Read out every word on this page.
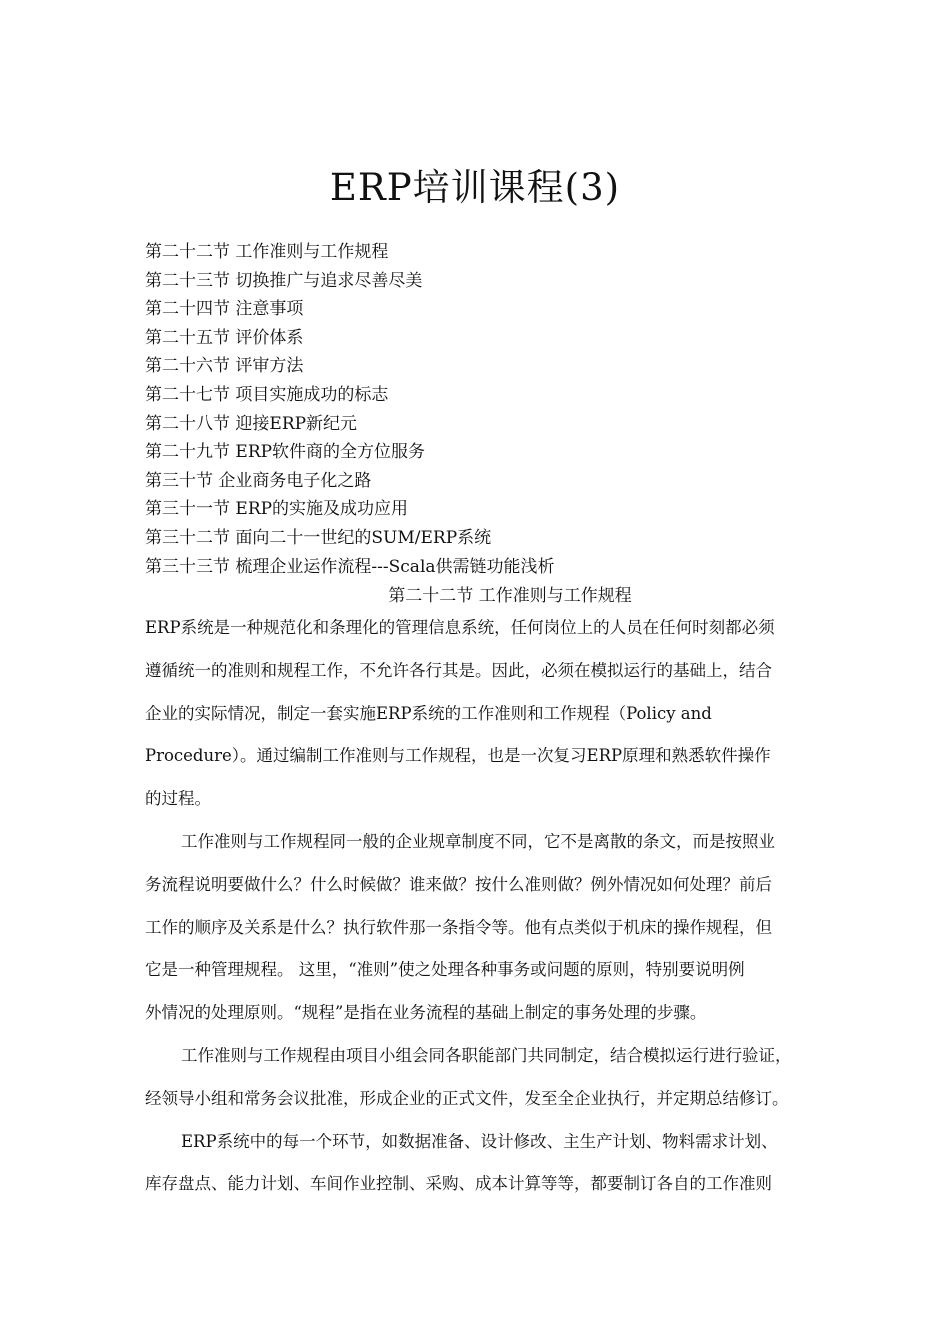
ERP培训课程(3)
第二十二节 工作准则与工作规程
第二十三节 切换推广与追求尽善尽美
第二十四节 注意事项
第二十五节 评价体系
第二十六节 评审方法
第二十七节 项目实施成功的标志
第二十八节 迎接ERP新纪元
第二十九节 ERP软件商的全方位服务
第三十节 企业商务电子化之路
第三十一节 ERP的实施及成功应用
第三十二节 面向二十一世纪的SUM/ERP系统
第三十三节 梳理企业运作流程---Scala供需链功能浅析
第二十二节 工作准则与工作规程
ERP系统是一种规范化和条理化的管理信息系统，任何岗位上的人员在任何时刻都必须
遵循统一的准则和规程工作，不允许各行其是。因此，必须在模拟运行的基础上，结合
企业的实际情况，制定一套实施ERP系统的工作准则和工作规程（Policy and
Procedure）。通过编制工作准则与工作规程，也是一次复习ERP原理和熟悉软件操作
的过程。
工作准则与工作规程同一般的企业规章制度不同，它不是离散的条文，而是按照业
务流程说明要做什么？什么时候做？谁来做？按什么准则做？例外情况如何处理？前后
工作的顺序及关系是什么？执行软件那一条指令等。他有点类似于机床的操作规程，但
它是一种管理规程。 这里，“准则”使之处理各种事务或问题的原则，特别要说明例
外情况的处理原则。“规程”是指在业务流程的基础上制定的事务处理的步骤。
工作准则与工作规程由项目小组会同各职能部门共同制定，结合模拟运行进行验证，
经领导小组和常务会议批准，形成企业的正式文件，发至全企业执行，并定期总结修订。
ERP系统中的每一个环节，如数据准备、设计修改、主生产计划、物料需求计划、
库存盘点、能力计划、车间作业控制、采购、成本计算等等，都要制订各自的工作准则
